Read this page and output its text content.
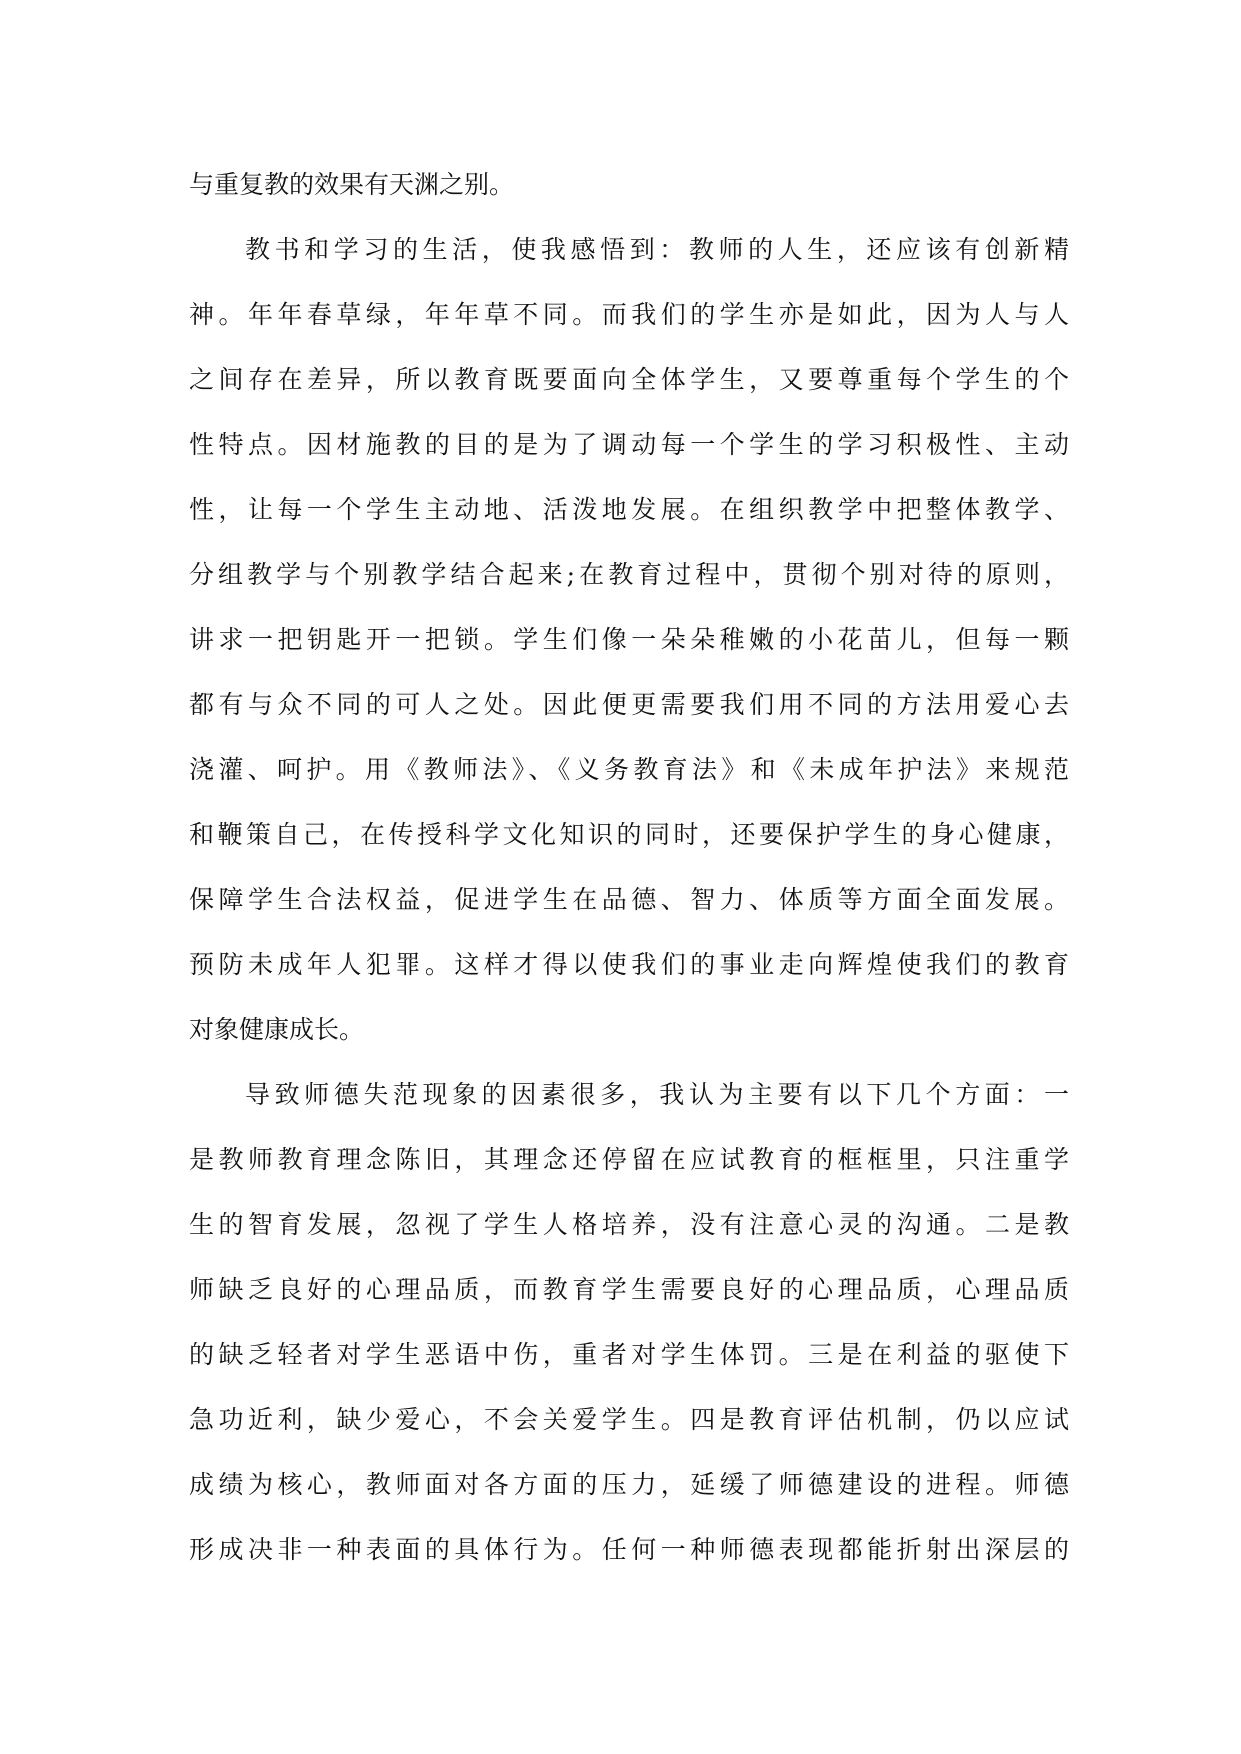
与重复教的效果有天渊之别。
教书和学习的生活，使我感悟到：教师的人生，还应该有创新精
神。年年春草绿，年年草不同。而我们的学生亦是如此，因为人与人
之间存在差异，所以教育既要面向全体学生，又要尊重每个学生的个
性特点。因材施教的目的是为了调动每一个学生的学习积极性、主动
性，让每一个学生主动地、活泼地发展。在组织教学中把整体教学、
分组教学与个别教学结合起来;在教育过程中，贯彻个别对待的原则，
讲求一把钥匙开一把锁。学生们像一朵朵稚嫩的小花苗儿，但每一颗
都有与众不同的可人之处。因此便更需要我们用不同的方法用爱心去
浇灌、呵护。用《教师法》、《义务教育法》和《未成年护法》来规范
和鞭策自己，在传授科学文化知识的同时，还要保护学生的身心健康，
保障学生合法权益，促进学生在品德、智力、体质等方面全面发展。
预防未成年人犯罪。这样才得以使我们的事业走向辉煌使我们的教育
对象健康成长。
导致师德失范现象的因素很多，我认为主要有以下几个方面：一
是教师教育理念陈旧，其理念还停留在应试教育的框框里，只注重学
生的智育发展，忽视了学生人格培养，没有注意心灵的沟通。二是教
师缺乏良好的心理品质，而教育学生需要良好的心理品质，心理品质
的缺乏轻者对学生恶语中伤，重者对学生体罚。三是在利益的驱使下
急功近利，缺少爱心，不会关爱学生。四是教育评估机制，仍以应试
成绩为核心，教师面对各方面的压力，延缓了师德建设的进程。师德
形成决非一种表面的具体行为。任何一种师德表现都能折射出深层的
